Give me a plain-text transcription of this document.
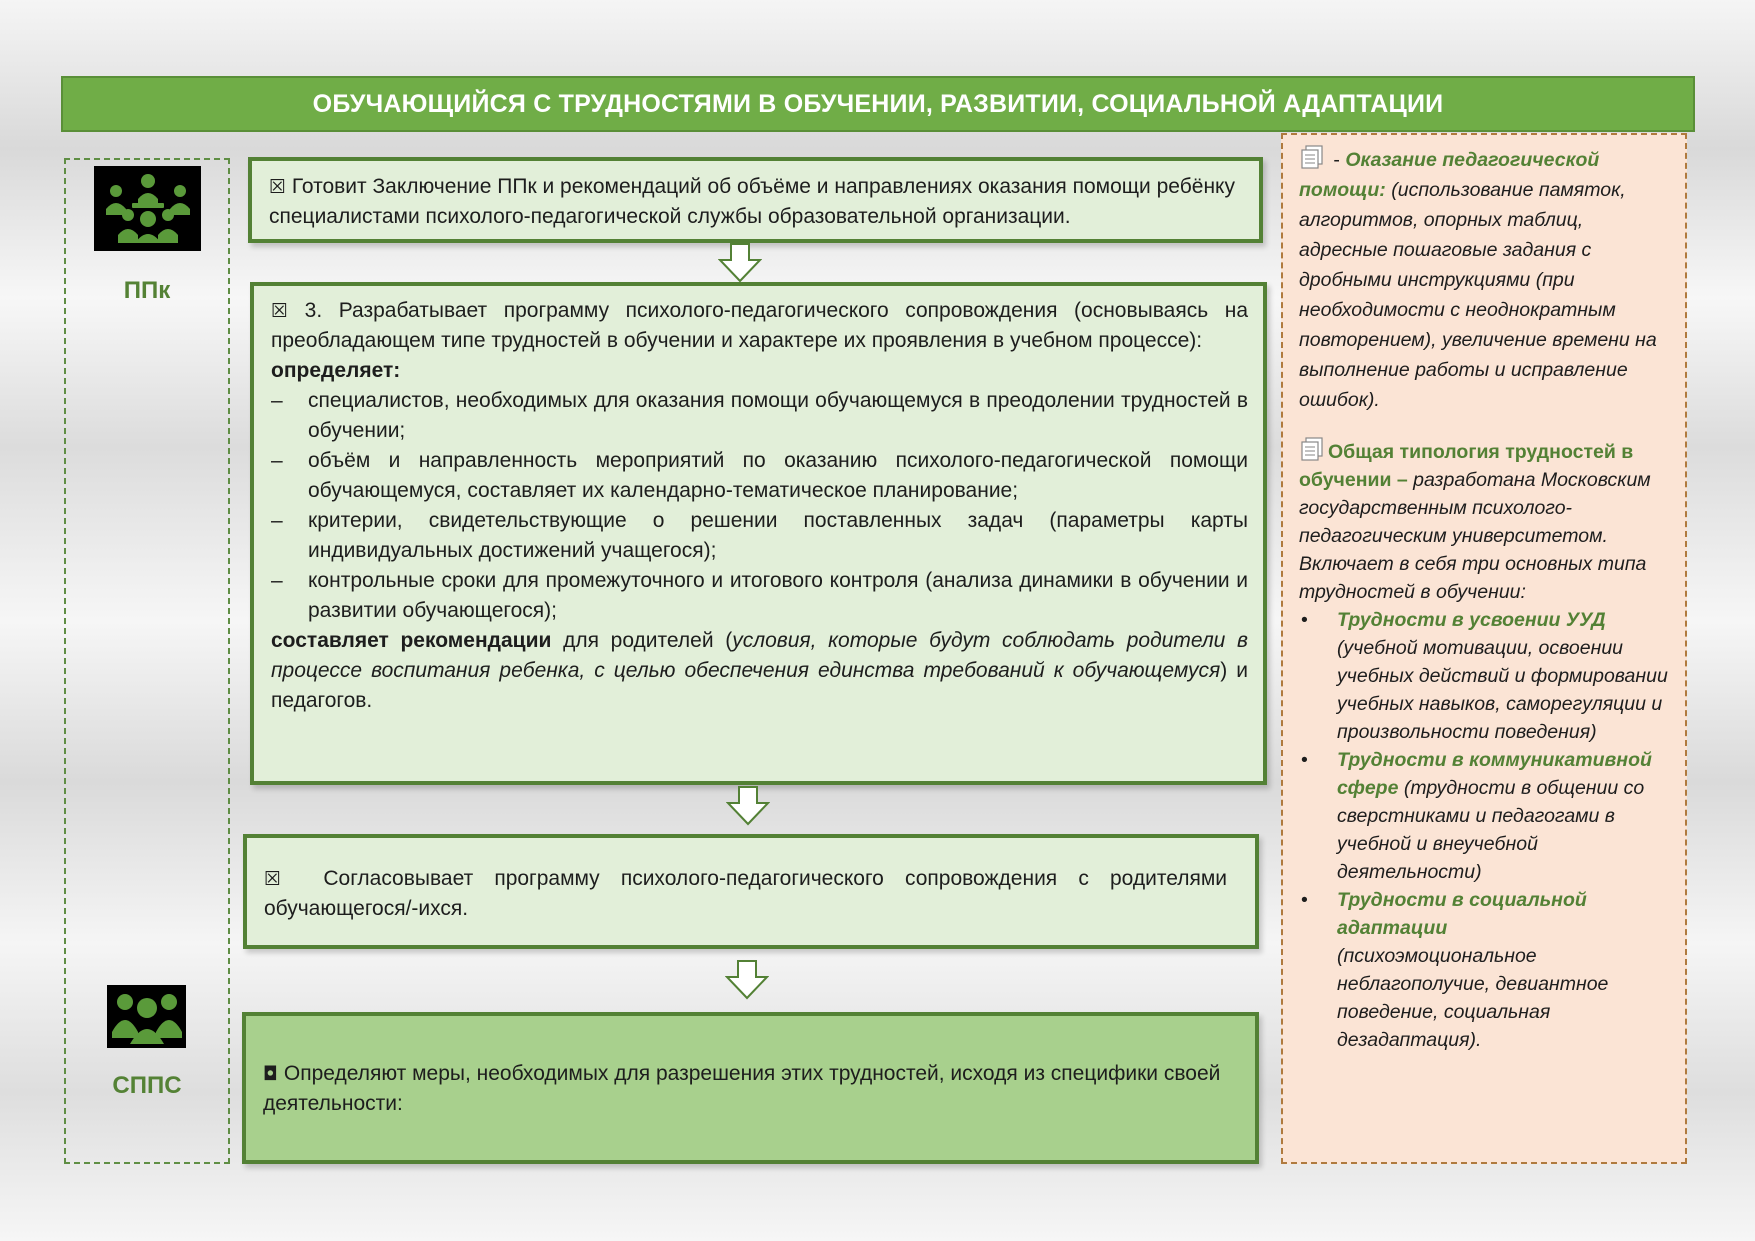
ОБУЧАЮЩИЙСЯ С ТРУДНОСТЯМИ В ОБУЧЕНИИ, РАЗВИТИИ, СОЦИАЛЬНОЙ АДАПТАЦИИ
ППк
СППС

☒ Готовит Заключение ППк и рекомендаций об объёме и направлениях оказания помощи ребёнку специалистами психолого-педагогической службы образовательной организации.

☒ 3. Разрабатывает программу психолого-педагогического сопровождения (основываясь на преобладающем типе трудностей в обучении и характере их проявления в учебном процессе):

определяет:

–	специалистов, необходимых для оказания помощи обучающемуся в преодолении трудностей в обучении;
–	объём и направленность мероприятий по оказанию психолого-педагогической помощи обучающемуся, составляет их календарно-тематическое планирование;
–	критерии, свидетельствующие о решении поставленных задач (параметры карты индивидуальных достижений учащегося);
–	контрольные сроки для промежуточного и итогового контроля (анализа динамики в обучении и развитии обучающегося);

составляет рекомендации для родителей (условия, которые будут соблюдать родители в процессе воспитания ребенка, с целью обеспечения единства требований к обучающемуся) и педагогов.

☒ Согласовывает программу психолого-педагогического сопровождения с родителями обучающегося/-ихся.

◘ Определяют меры, необходимых для разрешения этих трудностей, исходя из специфики своей деятельности:

- Оказание педагогической помощи: (использование памяток, алгоритмов, опорных таблиц, адресные пошаговые задания с дробными инструкциями (при необходимости с неоднократным повторением), увеличение времени на выполнение работы и исправление ошибок).

Общая типология трудностей в обучении – разработана Московским государственным психолого-педагогическим университетом. Включает в себя три основных типа трудностей в обучении:

•	Трудности в усвоении УУД (учебной мотивации, освоении учебных действий и формировании учебных навыков, саморегуляции и произвольности поведения)
•	Трудности в коммуникативной сфере (трудности в общении со сверстниками и педагогами в учебной и внеучебной деятельности)
•	Трудности в социальной адаптации
(психоэмоциональное неблагополучие, девиантное поведение, социальная дезадаптация).
